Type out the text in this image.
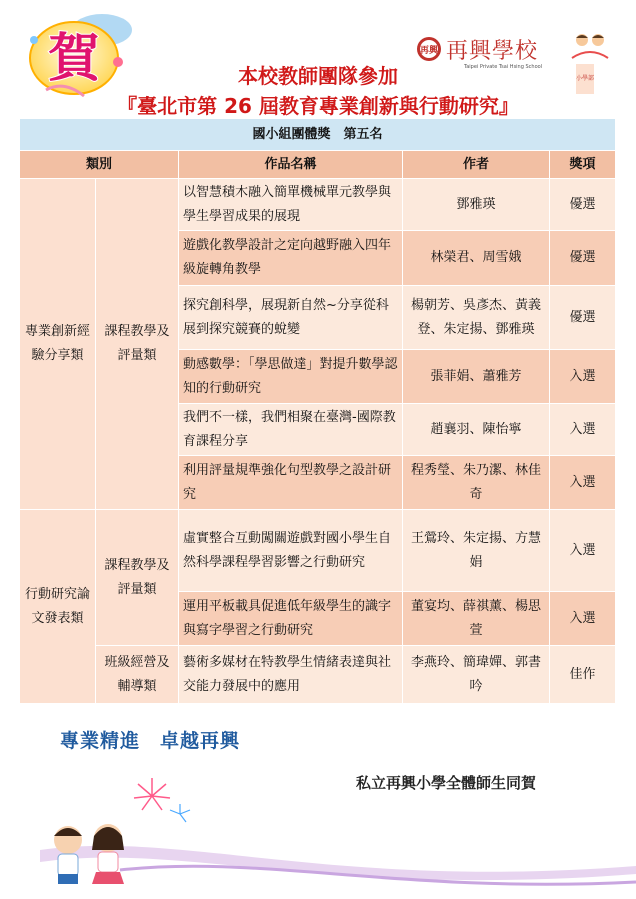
賀	再興 再興學校
Taipei Private Tsai Hsing School
小學部
本校教師團隊參加
『臺北市第 26 屆教育專業創新與行動研究』
國小組團體獎　第五名				
類別		作品名稱	作者	獎項
專業創新經驗分享類	課程教學及評量類	以智慧積木融入簡單機械單元教學與學生學習成果的展現	鄧雅瑛	優選
		遊戲化教學設計之定向越野融入四年級旋轉角教學	林榮君、周雪娥	優選
		探究創科學，展現新自然~分享從科展到探究競賽的蛻變	楊朝芳、吳彥杰、黃義登、朱定揚、鄧雅瑛	優選
		動感數學：「學思做達」對提升數學認知的行動研究	張菲娟、蕭雅芳	入選
		我們不一樣，我們相聚在臺灣-國際教育課程分享	趙襄羽、陳怡寧	入選
		利用評量規準強化句型教學之設計研究	程秀瑩、朱乃潔、林佳奇	入選
行動研究論文發表類	課程教學及評量類	虛實整合互動闖關遊戲對國小學生自然科學課程學習影響之行動研究	王鶯玲、朱定揚、方慧娟	入選
		運用平板載具促進低年級學生的識字與寫字學習之行動研究	董宴均、薛祺薰、楊思萱	入選
	班級經營及輔導類	藝術多媒材在特教學生情緒表達與社交能力發展中的應用	李燕玲、簡瑋嬋、郭書吟	佳作
專業精進　卓越再興
私立再興小學全體師生同賀
